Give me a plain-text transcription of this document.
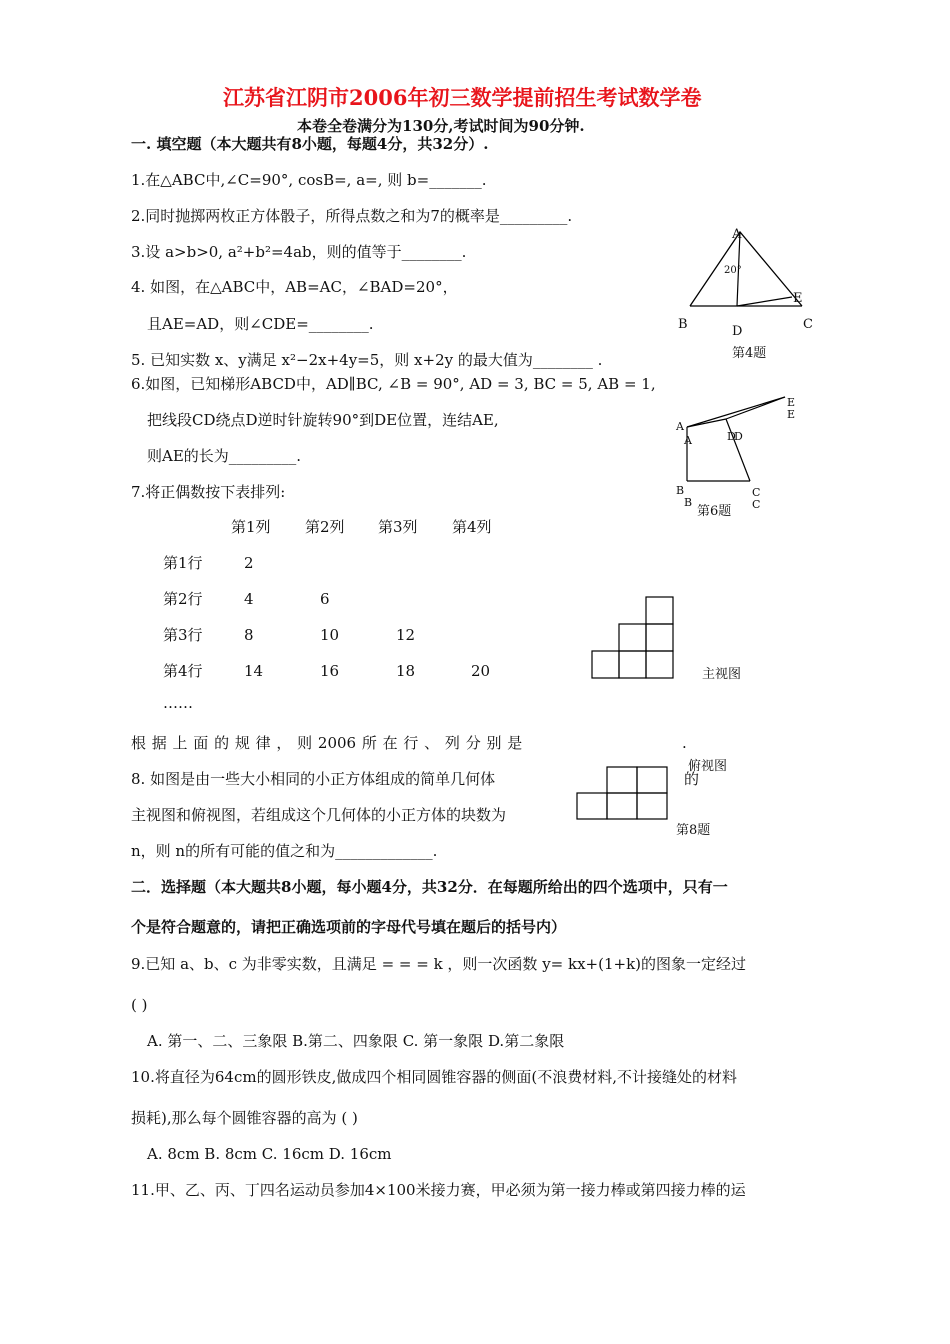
江苏省江阴市2006年初三数学提前招生考试数学卷
本卷全卷满分为130分,考试时间为90分钟.
一. 填空题（本大题共有8小题，每题4分，共32分）.
1.在△ABC中,∠C=90°, cosB=, a=, 则 b=_______.
2.同时抛掷两枚正方体骰子，所得点数之和为7的概率是_________.
3.设 a>b>0, a²+b²=4ab，则的值等于________.
4. 如图，在△ABC中，AB=AC，∠BAD=20°，
且AE=AD，则∠CDE=________.
5. 已知实数 x、y满足 x²−2x+4y=5，则 x+2y 的最大值为________ .
6.如图，已知梯形ABCD中，AD∥BC, ∠B = 90°, AD = 3, BC = 5, AB = 1,
把线段CD绕点D逆时针旋转90°到DE位置，连结AE,
则AE的长为_________.
7.将正偶数按下表排列:
第1列 第2列 第3列 第4列
第1行	2
第2行	4	6
第3行	8	10	12
第4行	14	16	18	20
……
根 据 上 面 的 规 律 ， 则 2006 所 在 行 、 列 分 别 是	.
8. 如图是由一些大小相同的小正方体组成的简单几何体	的
主视图和俯视图，若组成这个几何体的小正方体的块数为
n，则 n的所有可能的值之和为_____________.
二．选择题（本大题共8小题，每小题4分，共32分．在每题所给出的四个选项中，只有一
个是符合题意的，请把正确选项前的字母代号填在题后的括号内）
9.已知 a、b、c 为非零实数，且满足 = = = k ，则一次函数 y= kx+(1+k)的图象一定经过
( )
A. 第一、二、三象限 B.第二、四象限 C. 第一象限 D.第二象限
10.将直径为64cm的圆形铁皮,做成四个相同圆锥容器的侧面(不浪费材料,不计接缝处的材料
损耗),那么每个圆锥容器的高为 ( )
A. 8cm B. 8cm C. 16cm D. 16cm
11.甲、乙、丙、丁四名运动员参加4×100米接力赛，甲必须为第一接力棒或第四接力棒的运
A
20°
E
B	D	C
第4题
A
A	D
D
E
E
B
B
C
C
第6题
主视图
俯视图
第8题
